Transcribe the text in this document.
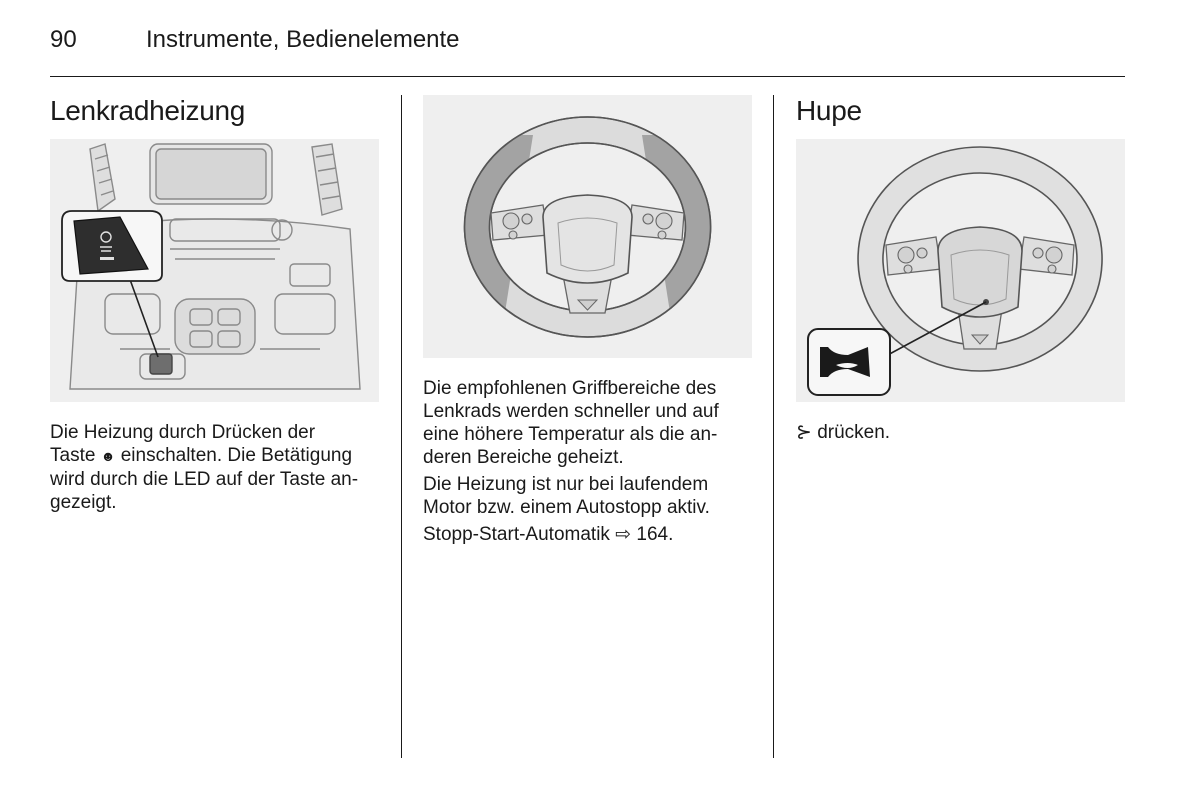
90	Instrumente, Bedienelemente
Lenkradheizung

Die Heizung durch Drücken der
Taste ☻ einschalten. Die Betätigung
wird durch die LED auf der Taste an-
gezeigt.

Die empfohlenen Griffbereiche des
Lenkrads werden schneller und auf
eine höhere Temperatur als die an-
deren Bereiche geheizt.

Die Heizung ist nur bei laufendem
Motor bzw. einem Autostopp aktiv.

Stopp-Start-Automatik ⇨ 164.

Hupe

⊱ drücken.
